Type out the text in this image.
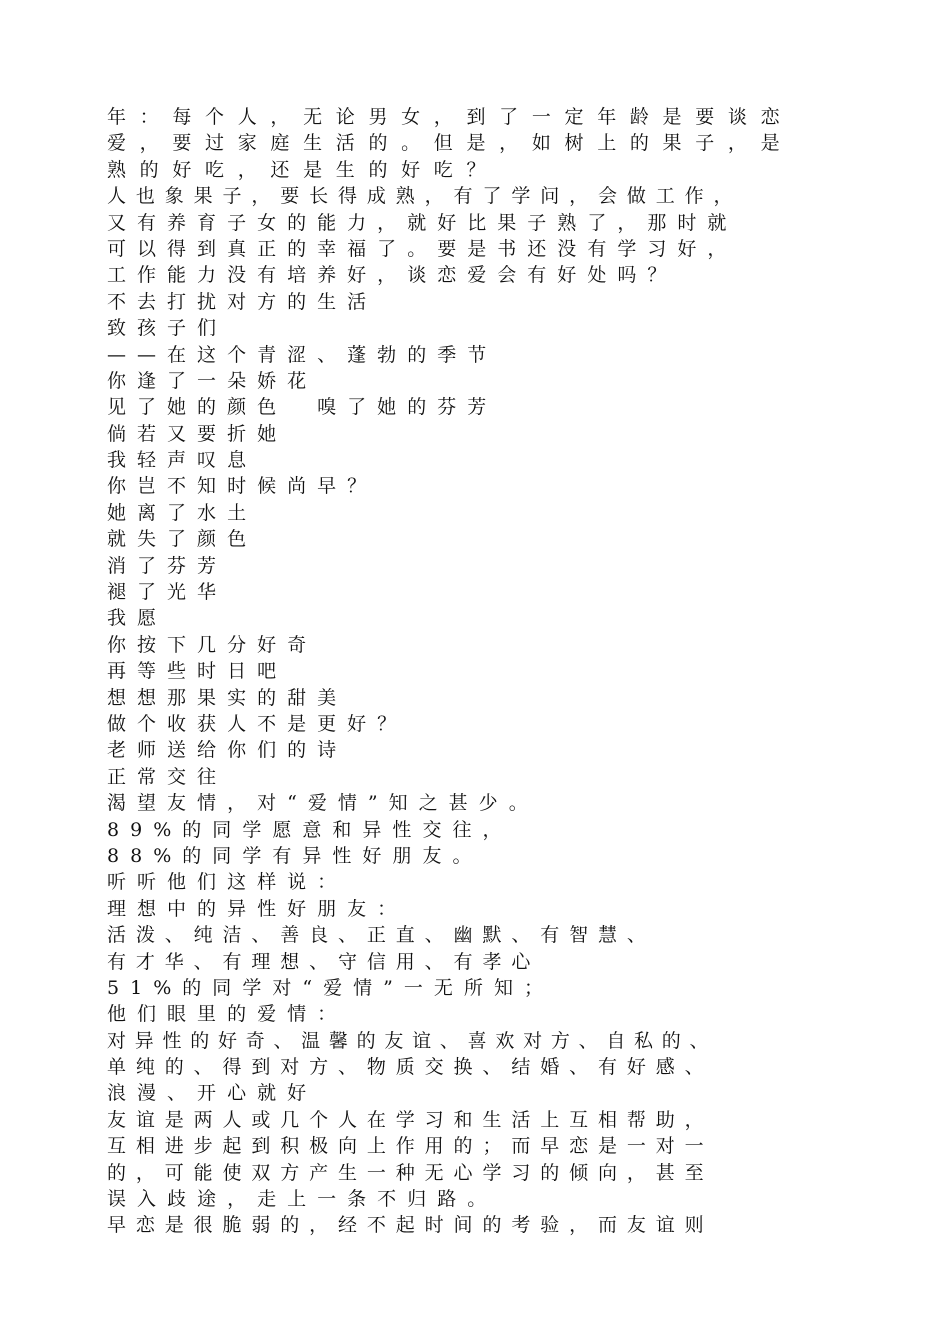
年：每个人，无论男女，到了一定年龄是要谈恋
爱，要过家庭生活的。但是，如树上的果子，是
熟的好吃，还是生的好吃？
人也象果子，要长得成熟，有了学问，会做工作，
又有养育子女的能力，就好比果子熟了，那时就
可以得到真正的幸福了。要是书还没有学习好，
工作能力没有培养好，谈恋爱会有好处吗？
不去打扰对方的生活
致孩子们
——在这个青涩、蓬勃的季节
你逢了一朵娇花
见了她的颜色　嗅了她的芬芳
倘若又要折她
我轻声叹息
你岂不知时候尚早？
她离了水土
就失了颜色
消了芬芳
褪了光华
我愿
你按下几分好奇
再等些时日吧
想想那果实的甜美
做个收获人不是更好？
老师送给你们的诗
正常交往
渴望友情，对“爱情”知之甚少。
89%的同学愿意和异性交往，
88%的同学有异性好朋友。
听听他们这样说：
理想中的异性好朋友：
活泼、纯洁、善良、正直、幽默、有智慧、
有才华、有理想、守信用、有孝心
51%的同学对“爱情”一无所知；
他们眼里的爱情：
对异性的好奇、温馨的友谊、喜欢对方、自私的、
单纯的、得到对方、物质交换、结婚、有好感、
浪漫、开心就好
友谊是两人或几个人在学习和生活上互相帮助，
互相进步起到积极向上作用的；而早恋是一对一
的，可能使双方产生一种无心学习的倾向，甚至
误入歧途，走上一条不归路。
早恋是很脆弱的，经不起时间的考验，而友谊则
